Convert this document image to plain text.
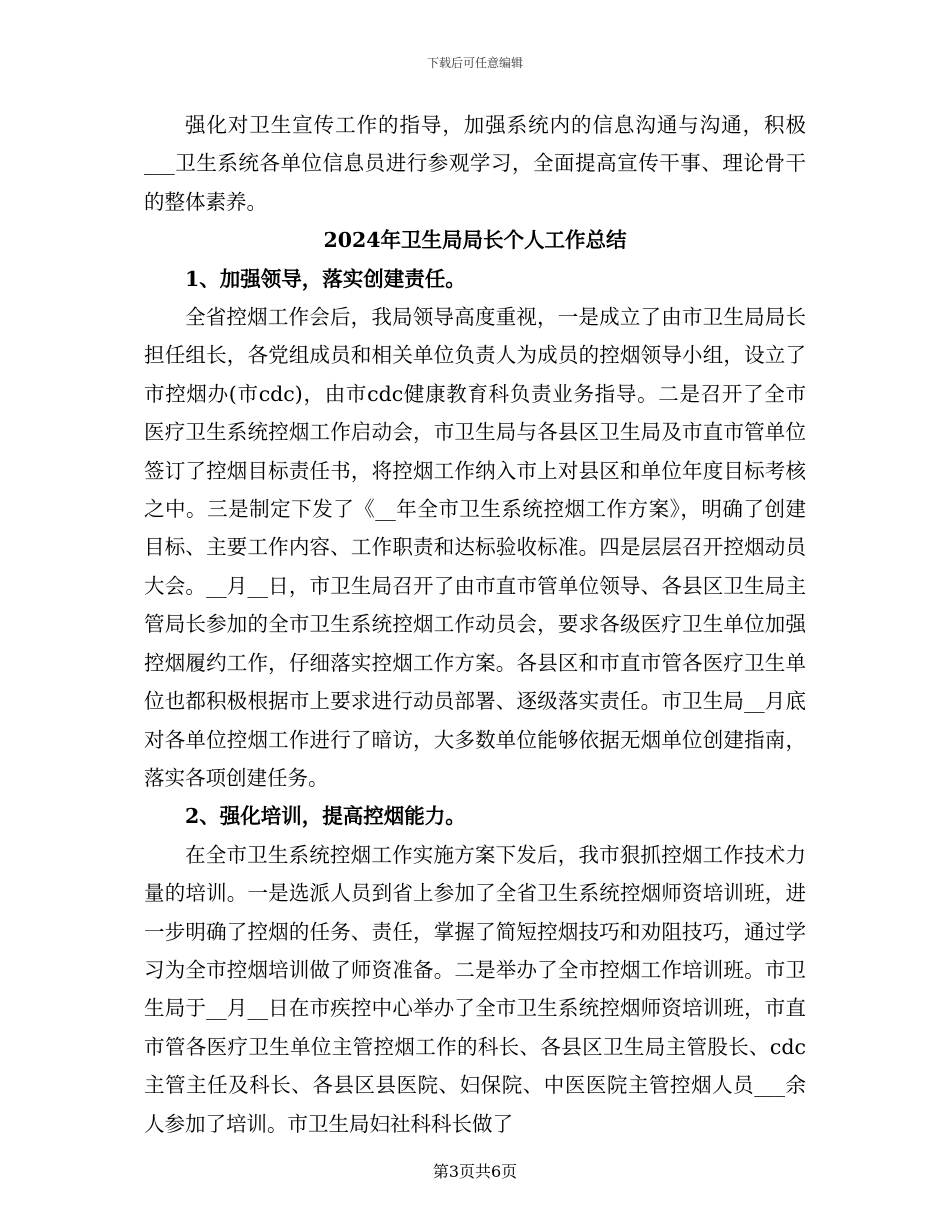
下载后可任意编辑

强化对卫生宣传工作的指导，加强系统内的信息沟通与沟通，积极___卫生系统各单位信息员进行参观学习，全面提高宣传干事、理论骨干的整体素养。

2024年卫生局局长个人工作总结

1、加强领导，落实创建责任。

全省控烟工作会后，我局领导高度重视，一是成立了由市卫生局局长担任组长，各党组成员和相关单位负责人为成员的控烟领导小组，设立了市控烟办(市cdc)，由市cdc健康教育科负责业务指导。二是召开了全市医疗卫生系统控烟工作启动会，市卫生局与各县区卫生局及市直市管单位签订了控烟目标责任书，将控烟工作纳入市上对县区和单位年度目标考核之中。三是制定下发了《__年全市卫生系统控烟工作方案》，明确了创建目标、主要工作内容、工作职责和达标验收标准。四是层层召开控烟动员大会。__月__日，市卫生局召开了由市直市管单位领导、各县区卫生局主管局长参加的全市卫生系统控烟工作动员会，要求各级医疗卫生单位加强控烟履约工作，仔细落实控烟工作方案。各县区和市直市管各医疗卫生单位也都积极根据市上要求进行动员部署、逐级落实责任。市卫生局__月底对各单位控烟工作进行了暗访，大多数单位能够依据无烟单位创建指南，落实各项创建任务。

2、强化培训，提高控烟能力。

在全市卫生系统控烟工作实施方案下发后，我市狠抓控烟工作技术力量的培训。一是选派人员到省上参加了全省卫生系统控烟师资培训班，进一步明确了控烟的任务、责任，掌握了简短控烟技巧和劝阻技巧，通过学习为全市控烟培训做了师资准备。二是举办了全市控烟工作培训班。市卫生局于__月__日在市疾控中心举办了全市卫生系统控烟师资培训班，市直市管各医疗卫生单位主管控烟工作的科长、各县区卫生局主管股长、cdc主管主任及科长、各县区县医院、妇保院、中医医院主管控烟人员___余人参加了培训。市卫生局妇社科科长做了

第3页共6页
